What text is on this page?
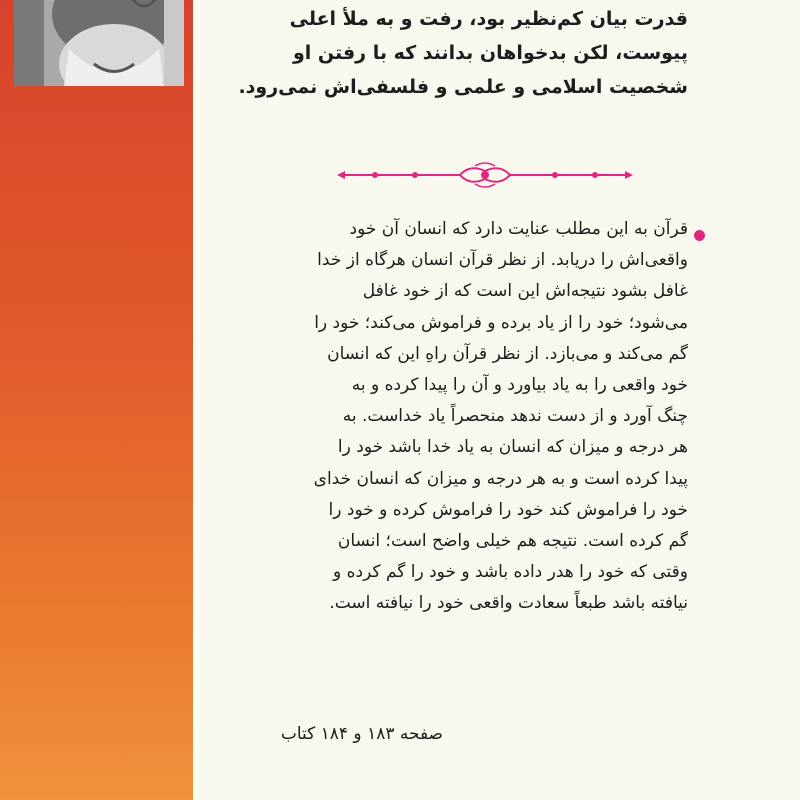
قدرت بیان کم‌نظیر بود، رفت و به ملأ اعلی
پیوست، لکن بدخواهان بدانند که با رفتن او
شخصیت اسلامی و علمی و فلسفی‌اش نمی‌رود.
قرآن به این مطلب عنایت دارد که انسان آن خود
واقعی‌اش را دریابد. از نظر قرآن انسان هرگاه از خدا
غافل بشود نتیجه‌اش این است که از خود غافل
می‌شود؛ خود را از یاد برده و فراموش می‌کند؛ خود را
گم می‌کند و می‌بازد. از نظر قرآن راهِ این که انسان
خود واقعی را به یاد بیاورد و آن را پیدا کرده و به
چنگ آورد و از دست ندهد منحصراً یاد خداست. به
هر درجه و میزان که انسان به یاد خدا باشد خود را
پیدا کرده است و به هر درجه و میزان که انسان خدای
خود را فراموش کند خود را فراموش کرده و خود را
گم کرده است. نتیجه هم خیلی واضح است؛ انسان
وقتی که خود را هدر داده باشد و خود را گم کرده و
نیافته باشد طبعاً سعادت واقعی خود را نیافته است.
صفحه ۱۸۳ و ۱۸۴ کتاب
